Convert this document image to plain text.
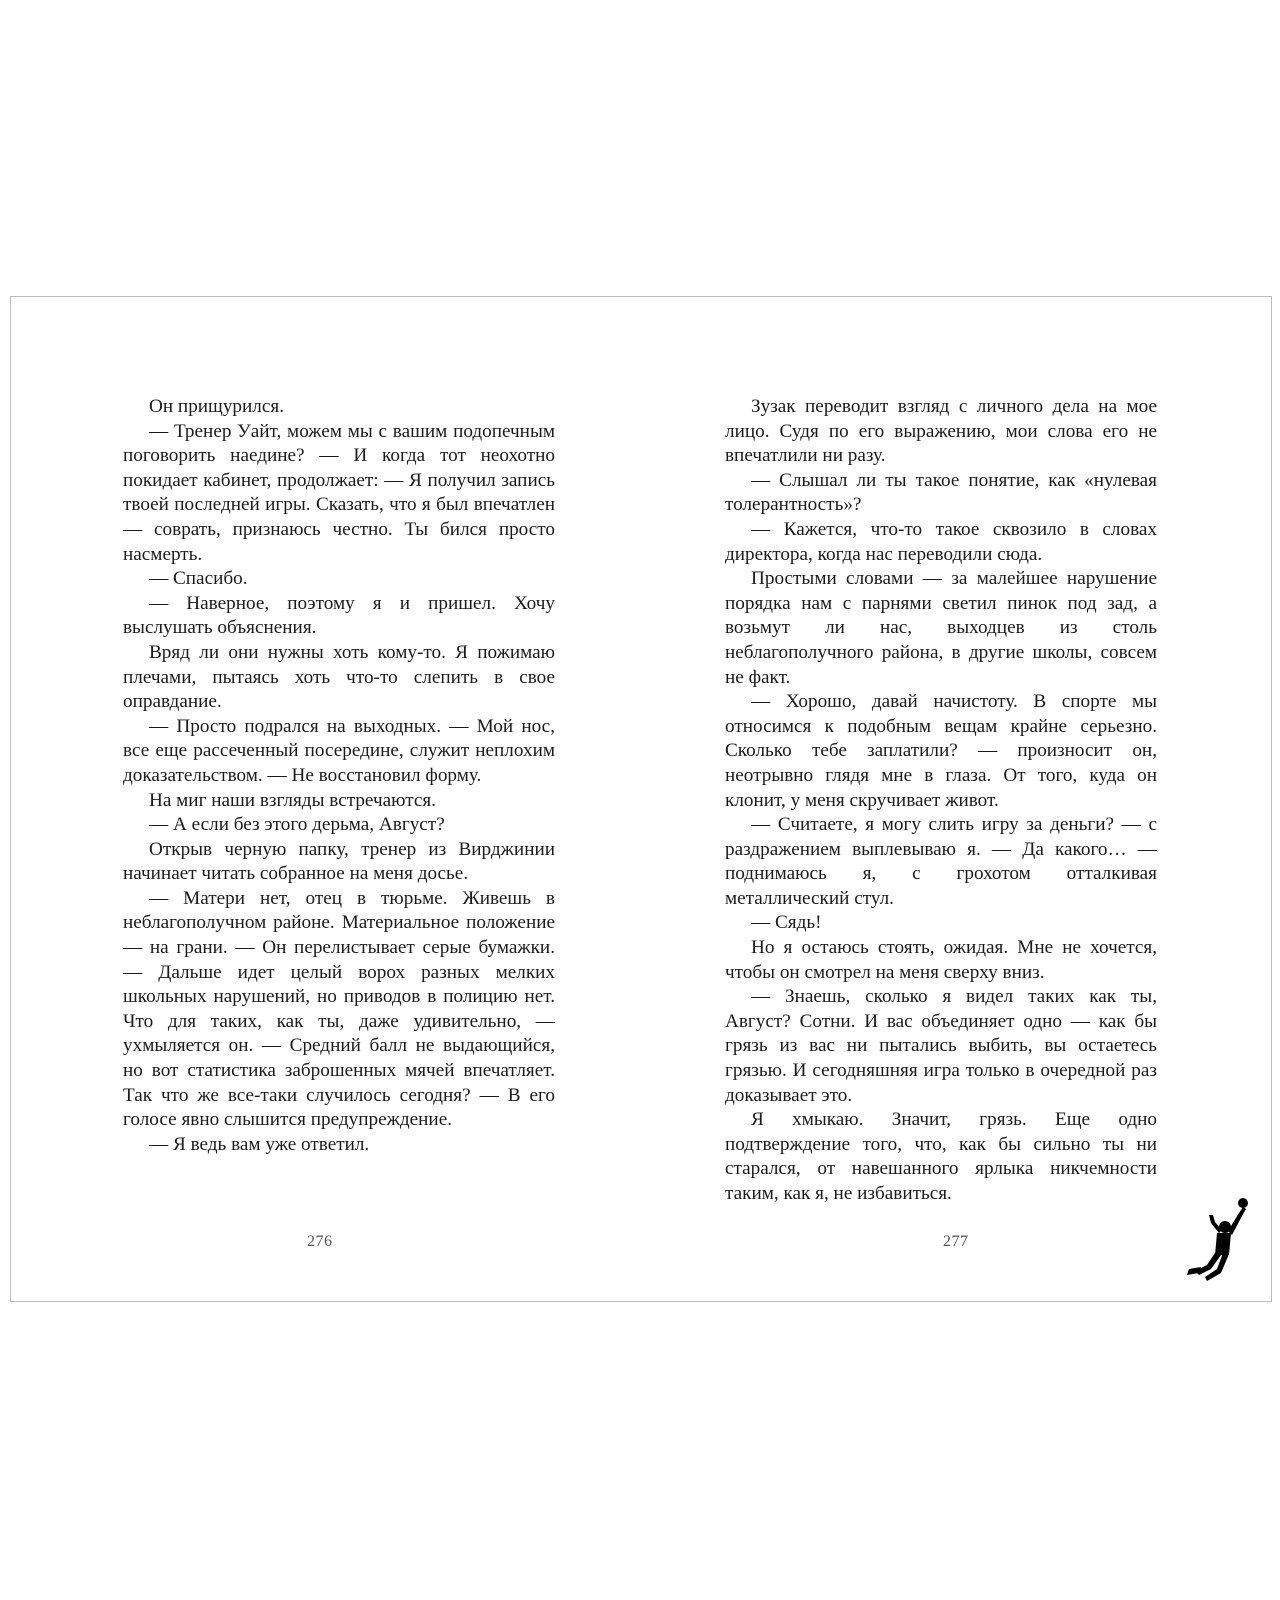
Он прищурился.

— Тренер Уайт, можем мы с вашим подопечным поговорить наедине? — И когда тот неохотно покидает кабинет, продолжает: — Я получил запись твоей последней игры. Сказать, что я был впечатлен — соврать, признаюсь честно. Ты бился просто насмерть.

— Спасибо.

— Наверное, поэтому я и пришел. Хочу выслушать объяснения.

Вряд ли они нужны хоть кому-то. Я пожимаю плечами, пытаясь хоть что-то слепить в свое оправдание.

— Просто подрался на выходных. — Мой нос, все еще рассеченный посередине, служит неплохим доказательством. — Не восстановил форму.

На миг наши взгляды встречаются.

— А если без этого дерьма, Август?

Открыв черную папку, тренер из Вирджинии начинает читать собранное на меня досье.

— Матери нет, отец в тюрьме. Живешь в неблагополучном районе. Материальное положение — на грани. — Он перелистывает серые бумажки. — Дальше идет целый ворох разных мелких школьных нарушений, но приводов в полицию нет. Что для таких, как ты, даже удивительно, — ухмыляется он. — Средний балл не выдающийся, но вот статистика заброшенных мячей впечатляет. Так что же все-таки случилось сегодня? — В его голосе явно слышится предупреждение.

— Я ведь вам уже ответил.

Зузак переводит взгляд с личного дела на мое лицо. Судя по его выражению, мои слова его не впечатлили ни разу.

— Слышал ли ты такое понятие, как «нулевая толерантность»?

— Кажется, что-то такое сквозило в словах директора, когда нас переводили сюда.

Простыми словами — за малейшее нарушение порядка нам с парнями светил пинок под зад, а возьмут ли нас, выходцев из столь неблагополучного района, в другие школы, совсем не факт.

— Хорошо, давай начистоту. В спорте мы относимся к подобным вещам крайне серьезно. Сколько тебе заплатили? — произносит он, неотрывно глядя мне в глаза. От того, куда он клонит, у меня скручивает живот.

— Считаете, я могу слить игру за деньги? — с раздражением выплевываю я. — Да какого… — поднимаюсь я, с грохотом отталкивая металлический стул.

— Сядь!

Но я остаюсь стоять, ожидая. Мне не хочется, чтобы он смотрел на меня сверху вниз.

— Знаешь, сколько я видел таких как ты, Август? Сотни. И вас объединяет одно — как бы грязь из вас ни пытались выбить, вы остаетесь грязью. И сегодняшняя игра только в очередной раз доказывает это.

Я хмыкаю. Значит, грязь. Еще одно подтверждение того, что, как бы сильно ты ни старался, от навешанного ярлыка никчемности таким, как я, не избавиться.

276	277
